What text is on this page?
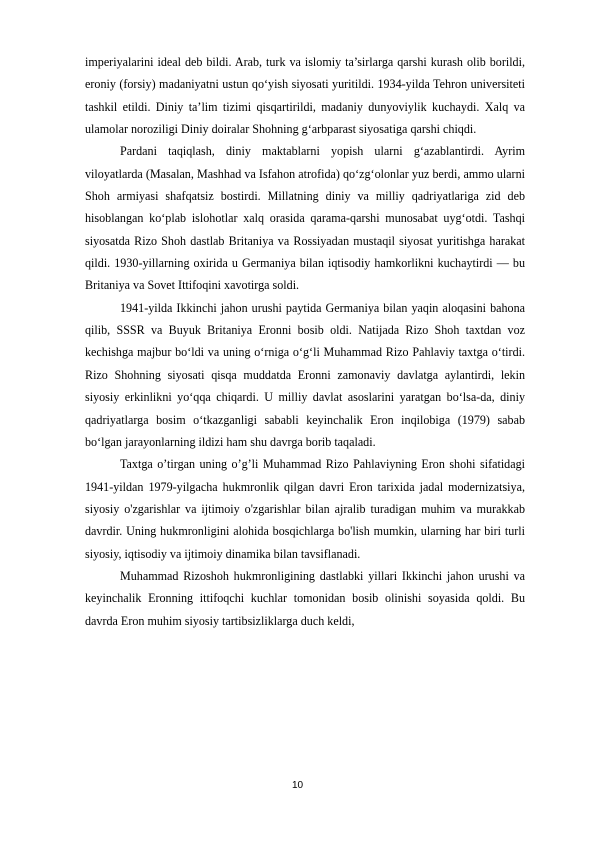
imperiyalarini ideal deb bildi. Arab, turk va islomiy ta’sirlarga qarshi kurash olib borildi, eroniy (forsiy) madaniyatni ustun qo‘yish siyosati yuritildi. 1934-yilda Tehron universiteti tashkil etildi. Diniy ta’lim tizimi qisqartirildi, madaniy dunyoviylik kuchaydi. Xalq va ulamolar noroziligi Diniy doiralar Shohning g‘arbparast siyosatiga qarshi chiqdi.

Pardani taqiqlash, diniy maktablarni yopish ularni g‘azablantirdi. Ayrim viloyatlarda (Masalan, Mashhad va Isfahon atrofida) qo‘zg‘olonlar yuz berdi, ammo ularni Shoh armiyasi shafqatsiz bostirdi. Millatning diniy va milliy qadriyatlariga zid deb hisoblangan ko‘plab islohotlar xalq orasida qarama-qarshi munosabat uyg‘otdi. Tashqi siyosatda Rizo Shoh dastlab Britaniya va Rossiyadan mustaqil siyosat yuritishga harakat qildi. 1930-yillarning oxirida u Germaniya bilan iqtisodiy hamkorlikni kuchaytirdi — bu Britaniya va Sovet Ittifoqini xavotirga soldi.

1941-yilda Ikkinchi jahon urushi paytida Germaniya bilan yaqin aloqasini bahona qilib, SSSR va Buyuk Britaniya Eronni bosib oldi. Natijada Rizo Shoh taxtdan voz kechishga majbur bo‘ldi va uning o‘rniga o‘g‘li Muhammad Rizo Pahlaviy taxtga o‘tirdi. Rizo Shohning siyosati qisqa muddatda Eronni zamonaviy davlatga aylantirdi, lekin siyosiy erkinlikni yo‘qqa chiqardi. U milliy davlat asoslarini yaratgan bo‘lsa-da, diniy qadriyatlarga bosim o‘tkazganligi sababli keyinchalik Eron inqilobiga (1979) sabab bo‘lgan jarayonlarning ildizi ham shu davrga borib taqaladi.

Taxtga o’tirgan uning o’g’li Muhammad Rizo Pahlaviyning Eron shohi sifatidagi 1941-yildan 1979-yilgacha hukmronlik qilgan davri Eron tarixida jadal modernizatsiya, siyosiy o'zgarishlar va ijtimoiy o'zgarishlar bilan ajralib turadigan muhim va murakkab davrdir. Uning hukmronligini alohida bosqichlarga bo'lish mumkin, ularning har biri turli siyosiy, iqtisodiy va ijtimoiy dinamika bilan tavsiflanadi.

Muhammad Rizoshoh hukmronligining dastlabki yillari Ikkinchi jahon urushi va keyinchalik Eronning ittifoqchi kuchlar tomonidan bosib olinishi soyasida qoldi. Bu davrda Eron muhim siyosiy tartibsizliklarga duch keldi,

10
